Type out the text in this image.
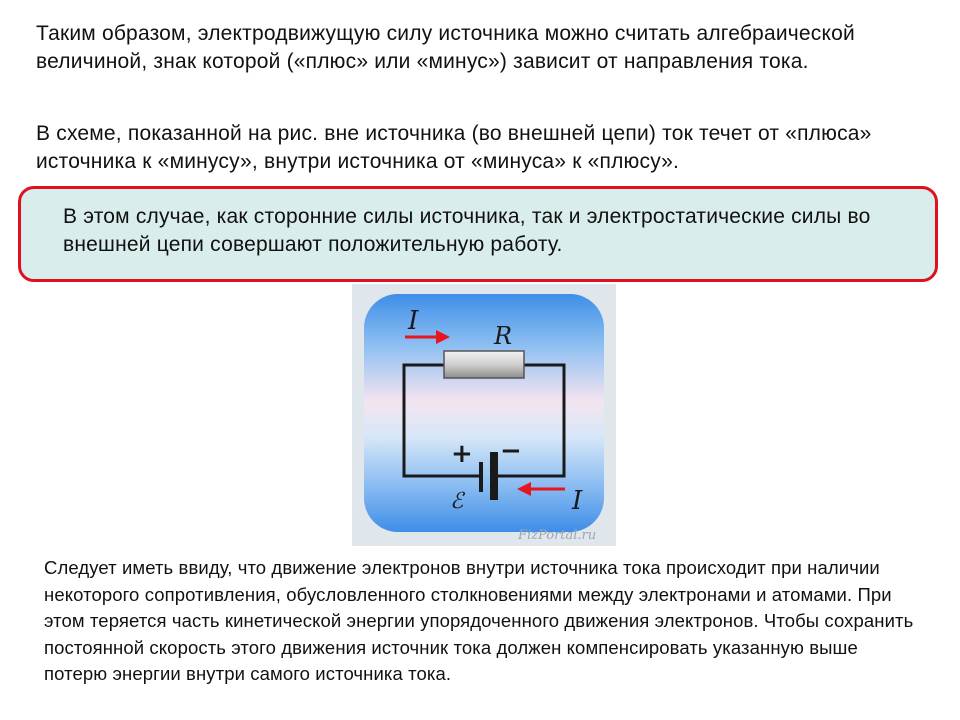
Таким образом, электродвижущую силу источника можно считать алгебраической величиной, знак которой («плюс» или «минус») зависит от направления тока.

В схеме, показанной на рис. вне источника (во внешней цепи) ток течет от «плюса» источника к «минусу», внутри источника от «минуса» к «плюсу».

В этом случае, как сторонние силы источника, так и электростатические силы во внешней цепи совершают положительную работу.

I	R
+ −
ℰ	I
FizPortal.ru

Следует иметь ввиду, что движение электронов внутри источника тока происходит при наличии некоторого сопротивления, обусловленного столкновениями между электронами и атомами. При этом теряется часть кинетической энергии упорядоченного движения электронов. Чтобы сохранить постоянной скорость этого движения источник тока должен компенсировать указанную выше потерю энергии внутри самого источника тока.
